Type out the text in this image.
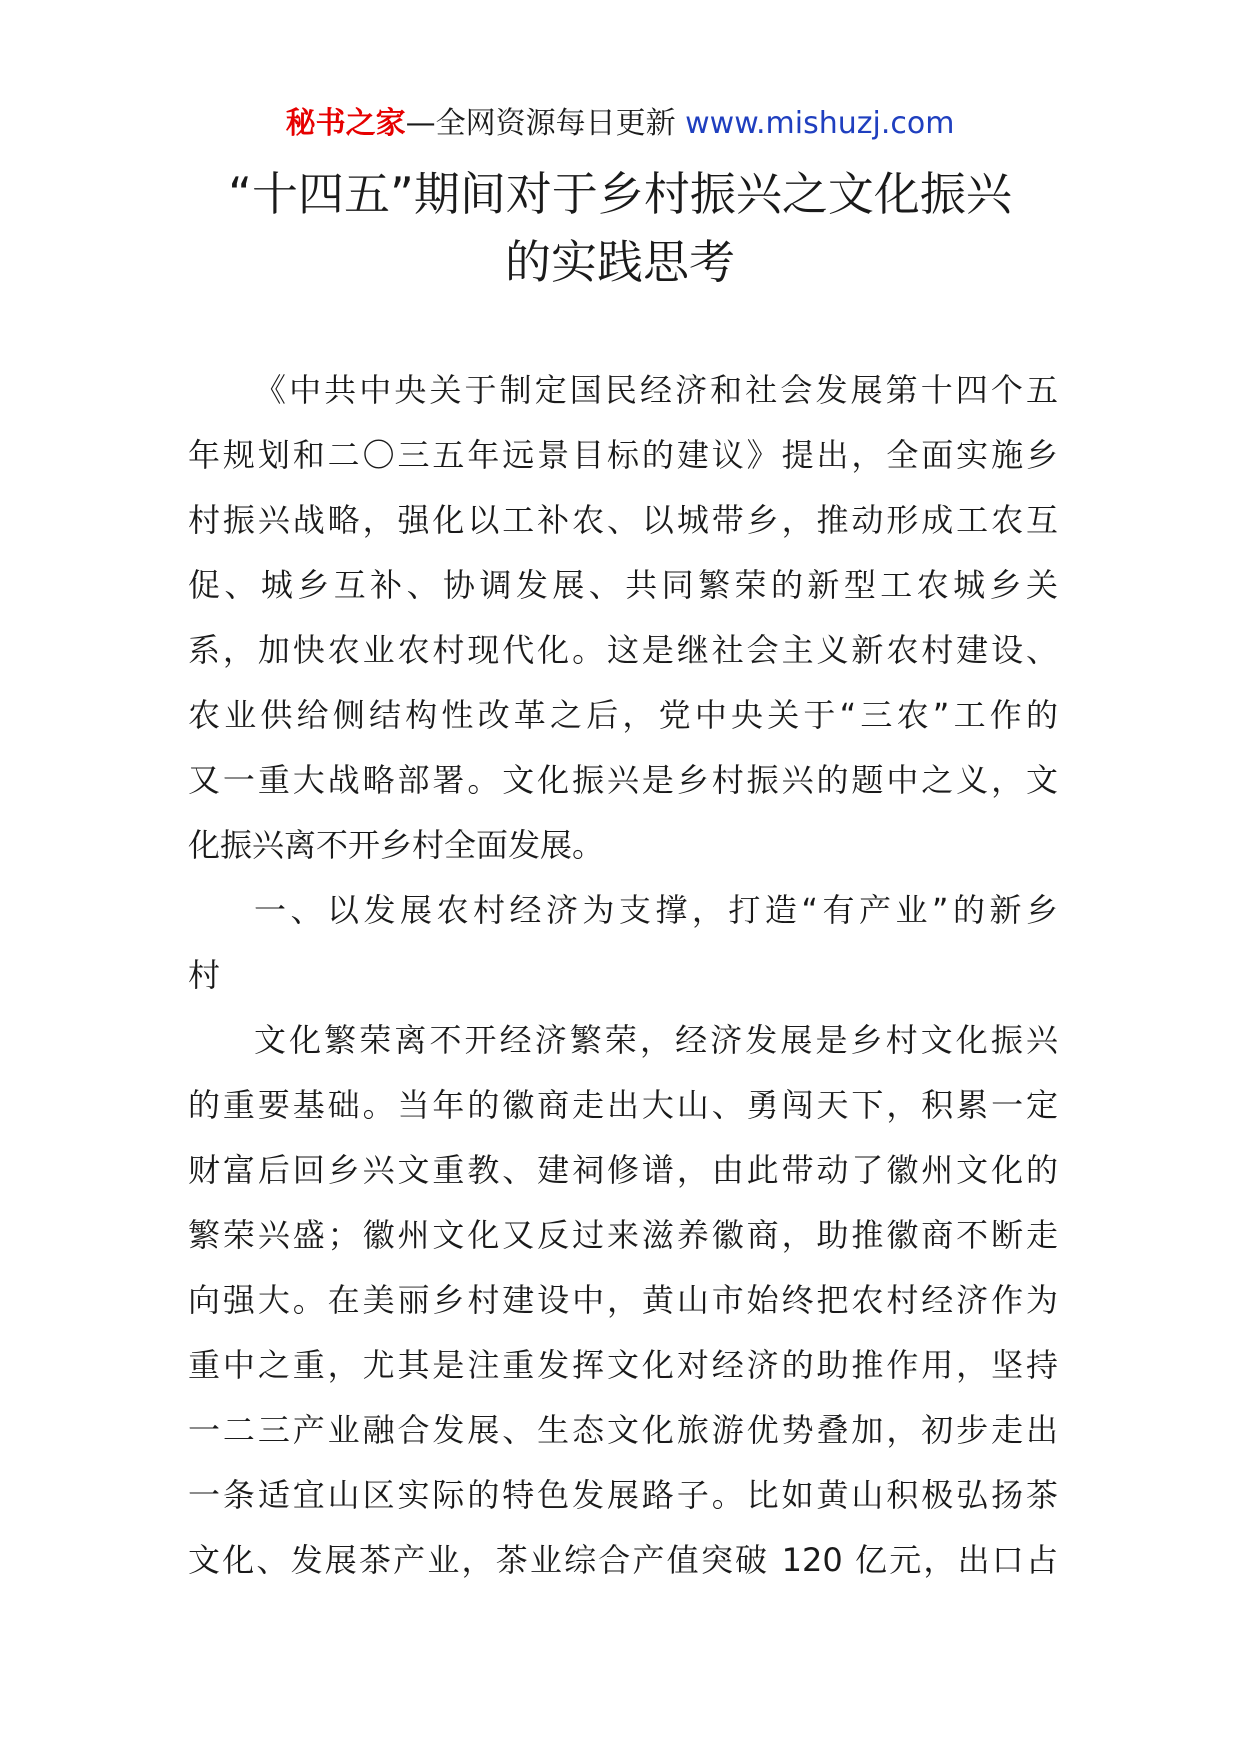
秘书之家—全网资源每日更新 www.mishuzj.com
“十四五”期间对于乡村振兴之文化振兴
的实践思考
《中共中央关于制定国民经济和社会发展第十四个五
年规划和二〇三五年远景目标的建议》提出，全面实施乡
村振兴战略，强化以工补农、以城带乡，推动形成工农互
促、城乡互补、协调发展、共同繁荣的新型工农城乡关
系，加快农业农村现代化。这是继社会主义新农村建设、
农业供给侧结构性改革之后，党中央关于“三农”工作的
又一重大战略部署。文化振兴是乡村振兴的题中之义，文
化振兴离不开乡村全面发展。
一、以发展农村经济为支撑，打造“有产业”的新乡
村
文化繁荣离不开经济繁荣，经济发展是乡村文化振兴
的重要基础。当年的徽商走出大山、勇闯天下，积累一定
财富后回乡兴文重教、建祠修谱，由此带动了徽州文化的
繁荣兴盛；徽州文化又反过来滋养徽商，助推徽商不断走
向强大。在美丽乡村建设中，黄山市始终把农村经济作为
重中之重，尤其是注重发挥文化对经济的助推作用，坚持
一二三产业融合发展、生态文化旅游优势叠加，初步走出
一条适宜山区实际的特色发展路子。比如黄山积极弘扬茶
文化、发展茶产业，茶业综合产值突破 120 亿元，出口占
